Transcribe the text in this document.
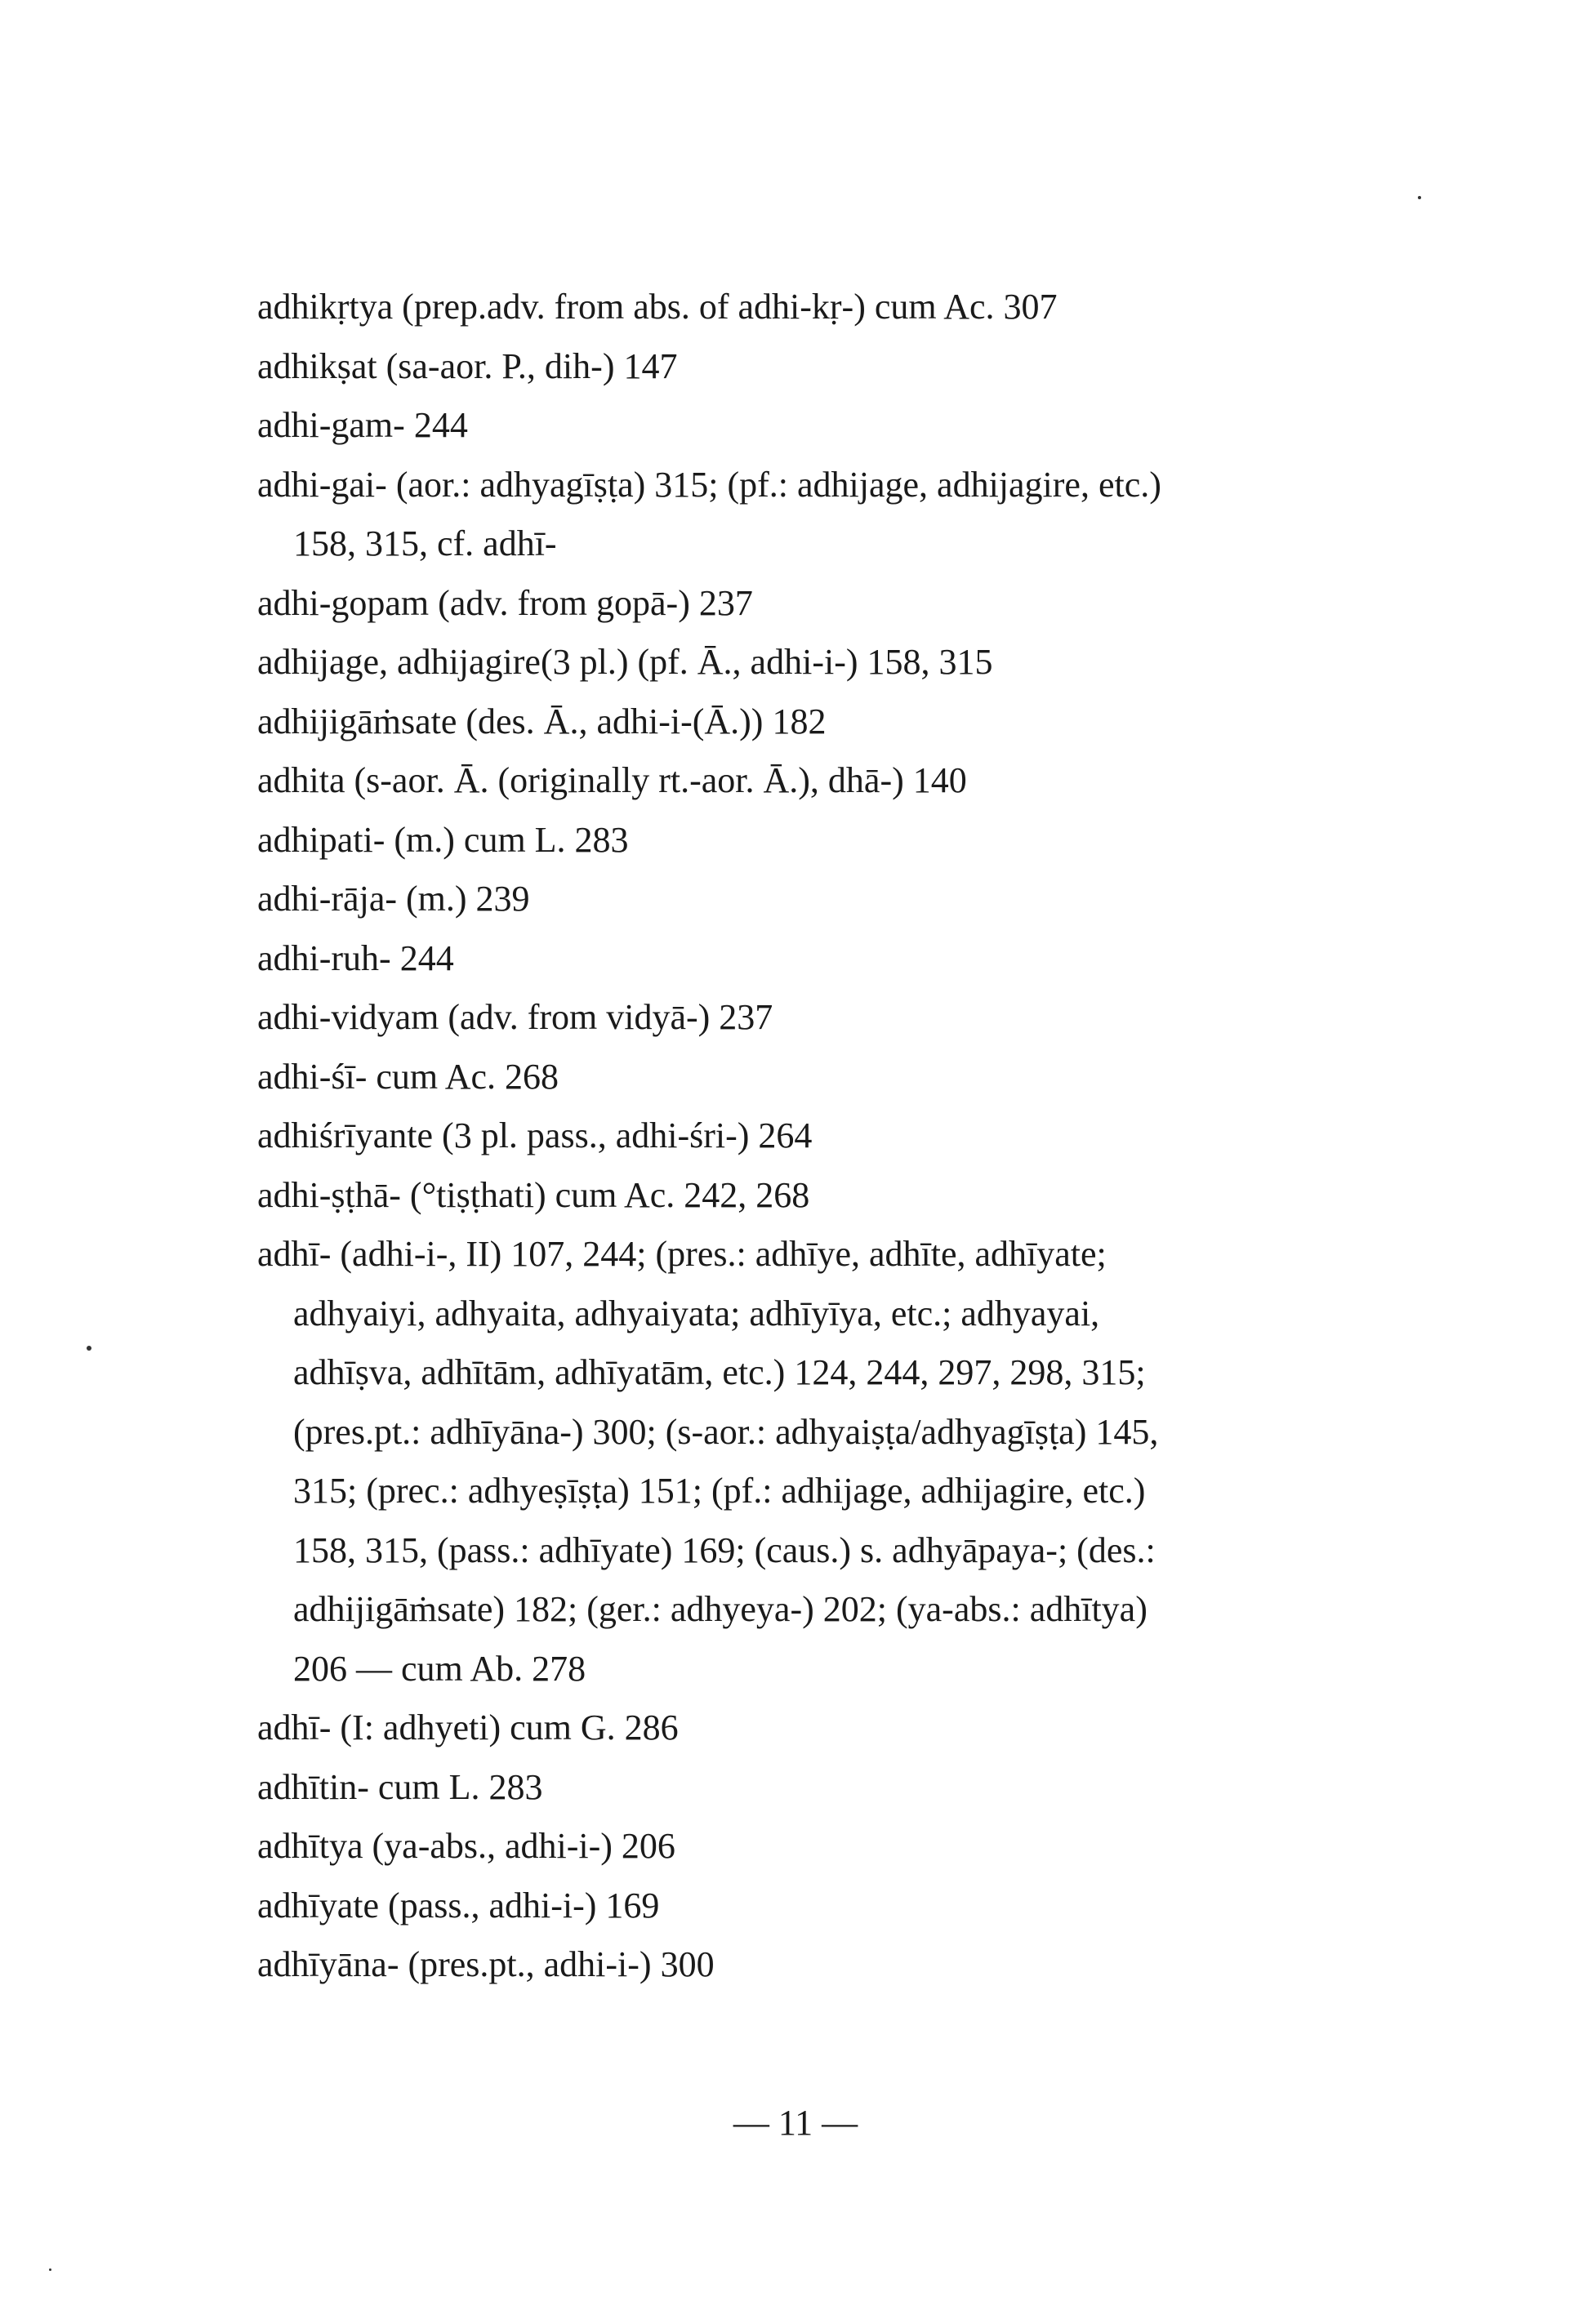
adhikṛtya (prep.adv. from abs. of adhi-kṛ-) cum Ac. 307
adhikṣat (sa-aor. P., dih-) 147
adhi-gam- 244
adhi-gai- (aor.: adhyagīṣṭa) 315; (pf.: adhijage, adhijagire, etc.)
158, 315, cf. adhī-
adhi-gopam (adv. from gopā-) 237
adhijage, adhijagire(3 pl.) (pf. Ā., adhi-i-) 158, 315
adhijigāṁsate (des. Ā., adhi-i-(Ā.)) 182
adhita (s-aor. Ā. (originally rt.-aor. Ā.), dhā-) 140
adhipati- (m.) cum L. 283
adhi-rāja- (m.) 239
adhi-ruh- 244
adhi-vidyam (adv. from vidyā-) 237
adhi-śī- cum Ac. 268
adhiśrīyante (3 pl. pass., adhi-śri-) 264
adhi-ṣṭhā- (°tiṣṭhati) cum Ac. 242, 268
adhī- (adhi-i-, II) 107, 244; (pres.: adhīye, adhīte, adhīyate;
adhyaiyi, adhyaita, adhyaiyata; adhīyīya, etc.; adhyayai,
adhīṣva, adhītām, adhīyatām, etc.) 124, 244, 297, 298, 315;
(pres.pt.: adhīyāna-) 300; (s-aor.: adhyaiṣṭa/adhyagīṣṭa) 145,
315; (prec.: adhyeṣīṣṭa) 151; (pf.: adhijage, adhijagire, etc.)
158, 315, (pass.: adhīyate) 169; (caus.) s. adhyāpaya-; (des.:
adhijigāṁsate) 182; (ger.: adhyeya-) 202; (ya-abs.: adhītya)
206 — cum Ab. 278
adhī- (I: adhyeti) cum G. 286
adhītin- cum L. 283
adhītya (ya-abs., adhi-i-) 206
adhīyate (pass., adhi-i-) 169
adhīyāna- (pres.pt., adhi-i-) 300
— 11 —
